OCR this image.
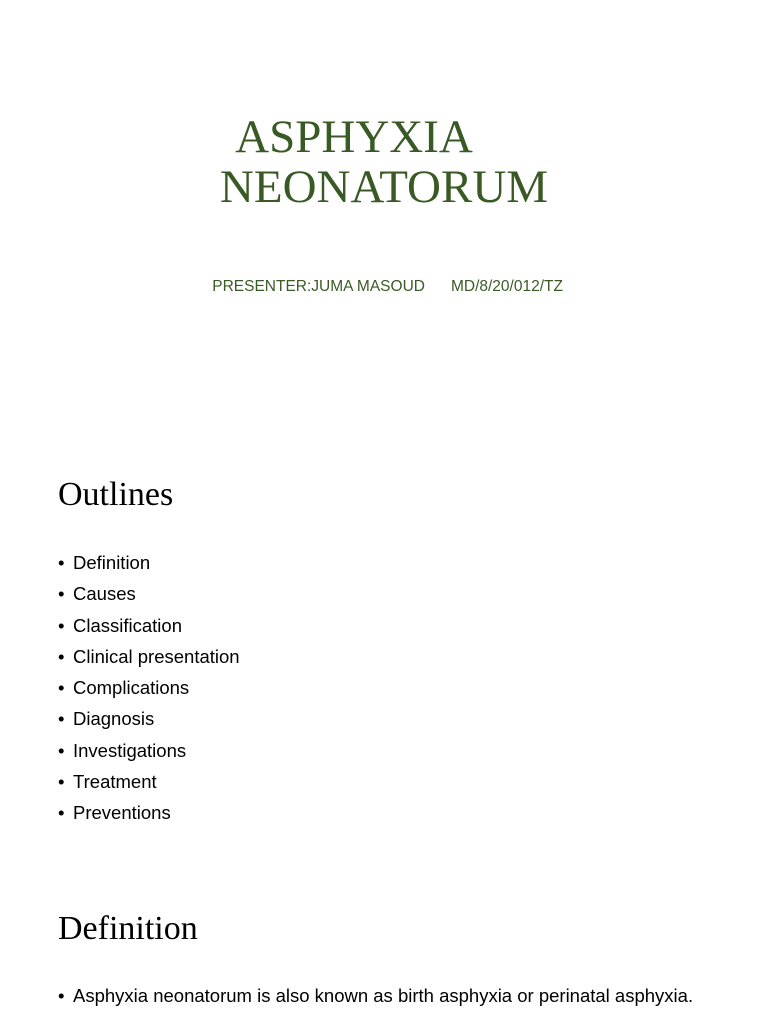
ASPHYXIA
NEONATORUM

PRESENTER:JUMA MASOUD MD/8/20/012/TZ

Outlines
• Definition
• Causes
• Classification
• Clinical presentation
• Complications
• Diagnosis
• Investigations
• Treatment
• Preventions
Definition
• Asphyxia neonatorum is also known as birth asphyxia or perinatal asphyxia.
